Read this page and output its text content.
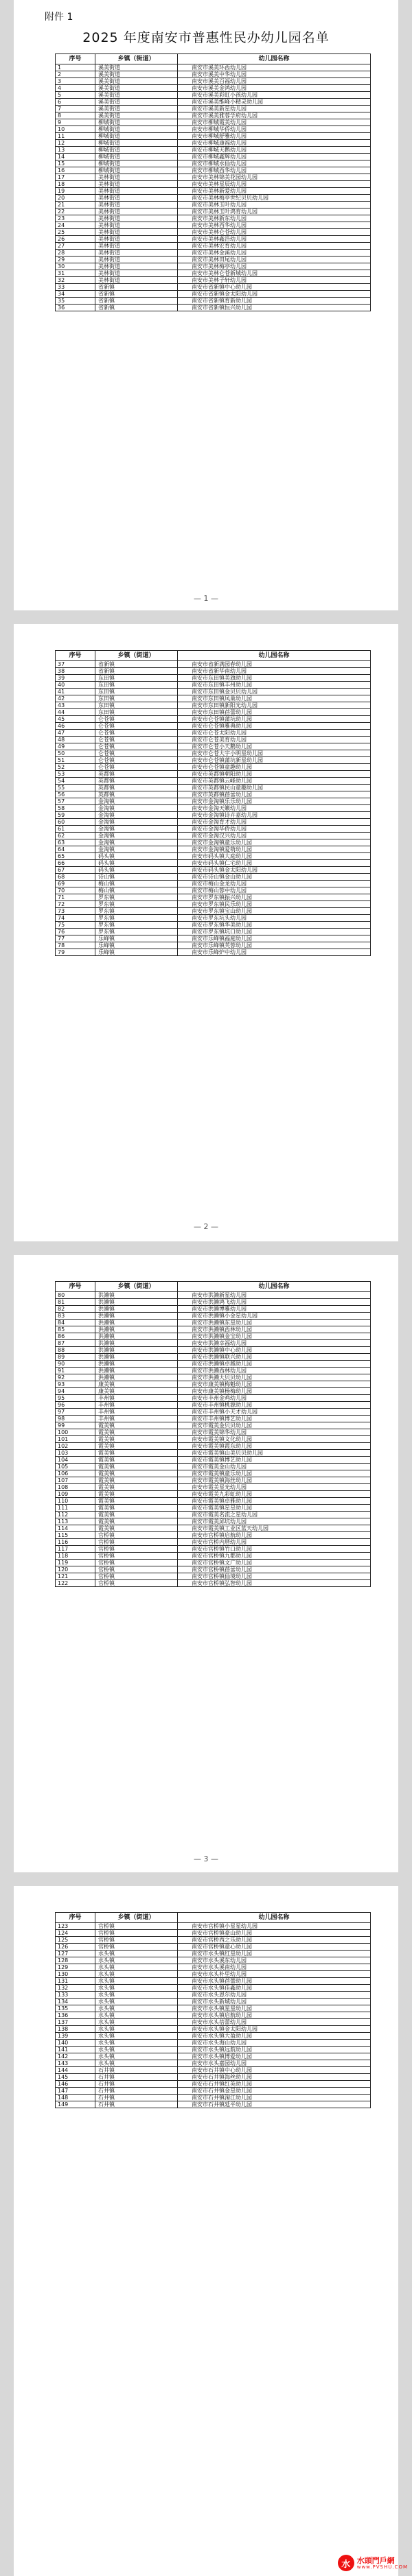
附件 1
2025 年度南安市普惠性民办幼儿园名单
序号	乡镇（街道）	幼儿园名称
1	溪美街道	南安市溪美环西幼儿园
2	溪美街道	南安市溪美中华幼儿园
3	溪美街道	南安市溪美百福幼儿园
4	溪美街道	南安市溪美金鸿幼儿园
5	溪美街道	南安市溪美彩虹小孩幼儿园
6	溪美街道	南安市溪美维峰小精灵幼儿园
7	溪美街道	南安市溪美新星幼儿园
8	溪美街道	南安市溪美雅蓉学府幼儿园
9	柳城街道	南安市柳城霞美幼儿园
10	柳城街道	南安市柳城华侨幼儿园
11	柳城街道	南安市柳城舒雅幼儿园
12	柳城街道	南安市柳城康福幼儿园
13	柳城街道	南安市柳城天鹅幼儿园
14	柳城街道	南安市柳城鑫辉幼儿园
15	柳城街道	南安市柳城水仙幼儿园
16	柳城街道	南安市柳城西华幼儿园
17	美林街道	南安市美林锦美花园幼儿园
18	美林街道	南安市美林星辰幼儿园
19	美林街道	南安市美林新爱幼儿园
20	美林街道	南安市美林梅亭世纪贝贝幼儿园
21	美林街道	南安市美林玉叶幼儿园
22	美林街道	南安市美林玉叶鸿育幼儿园
23	美林街道	南安市美林新东幼儿园
24	美林街道	南安市美林西华幼儿园
25	美林街道	南安市美林仑苍幼儿园
26	美林街道	南安市美林鑫浩幼儿园
27	美林街道	南安市美林宏育幼儿园
28	美林街道	南安市美林金溪幼儿园
29	美林街道	南安市美林田尾幼儿园
30	美林街道	南安市美林梅亭幼儿园
31	美林街道	南安市美林仑苍新城幼儿园
32	美林街道	南安市美林子轩幼儿园
33	省新镇	南安市省新镇中心幼儿园
34	省新镇	南安市省新镇金太阳幼儿园
35	省新镇	南安市省新镇育新幼儿园
36	省新镇	南安市省新镇恒兴幼儿园
— 1 —
序号	乡镇（街道）	幼儿园名称
37	省新镇	南安市省新满园春幼儿园
38	省新镇	南安市省新华南幼儿园
39	东田镇	南安市东田镇美旗幼儿园
40	东田镇	南安市东田镇丰州幼儿园
41	东田镇	南安市东田镇金贝贝幼儿园
42	东田镇	南安市东田镇凤巢幼儿园
43	东田镇	南安市东田镇新阳光幼儿园
44	东田镇	南安市东田镇蓓蕾幼儿园
45	仑苍镇	南安市仑苍镇蒲坑幼儿园
46	仑苍镇	南安市仑苍镇雅典幼儿园
47	仑苍镇	南安市仑苍太阳幼儿园
48	仑苍镇	南安市仑苍美育幼儿园
49	仑苍镇	南安市仑苍小天鹅幼儿园
50	仑苍镇	南安市仑苍大宇小明星幼儿园
51	仑苍镇	南安市仑苍镇蒲坑新星幼儿园
52	仑苍镇	南安市仑苍镇童趣幼儿园
53	英都镇	南安市英都镇朝阳幼儿园
54	英都镇	南安市英都镇云峰幼儿园
55	英都镇	南安市英都镇民山童趣幼儿园
56	英都镇	南安市英都镇蓓蕾幼儿园
57	金淘镇	南安市金淘镇乐乐幼儿园
58	金淘镇	南安市金淘天籁幼儿园
59	金淘镇	南安市金淘镇诗卉嘉幼儿园
60	金淘镇	南安市金淘育才幼儿园
61	金淘镇	南安市金淘华侨幼儿园
62	金淘镇	南安市金淘汉兴幼儿园
63	金淘镇	南安市金淘镇童乐幼儿园
64	金淘镇	南安市金淘镇爱萌幼儿园
65	码头镇	南安市码头镇大庭幼儿园
66	码头镇	南安市码头镇仁宅幼儿园
67	码头镇	南安市码头镇金太阳幼儿园
68	诗山镇	南安市诗山镇金山幼儿园
69	梅山镇	南安市梅山金龙幼儿园
70	梅山镇	南安市梅山蓉中幼儿园
71	罗东镇	南安市罗东镇振兴幼儿园
72	罗东镇	南安市罗东镇民乐幼儿园
73	罗东镇	南安市罗东镇宝山幼儿园
74	罗东镇	南安市罗东坑头幼儿园
75	罗东镇	南安市罗东镇华美幼儿园
76	罗东镇	南安市罗东镇坑口幼儿园
77	乐峰镇	南安市乐峰镇福庭幼儿园
78	乐峰镇	南安市乐峰镇芙蓉幼儿园
79	乐峰镇	南安市乐峰炉中幼儿园
— 2 —
序号	乡镇（街道）	幼儿园名称
80	洪濑镇	南安市洪濑新星幼儿园
81	洪濑镇	南安市洪濑鸿飞幼儿园
82	洪濑镇	南安市洪濑博雅幼儿园
83	洪濑镇	南安市洪濑镇小金星幼儿园
84	洪濑镇	南安市洪濑镇东星幼儿园
85	洪濑镇	南安市洪濑镇西林幼儿园
86	洪濑镇	南安市洪濑镇金宝幼儿园
87	洪濑镇	南安市洪濑幸福幼儿园
88	洪濑镇	南安市洪濑镇中心幼儿园
89	洪濑镇	南安市洪濑镇联兴幼儿园
90	洪濑镇	南安市洪濑镇卓越幼儿园
91	洪濑镇	南安市洪濑西林幼儿园
92	洪濑镇	南安市洪濑大贝贝幼儿园
93	康美镇	南安市康美镇梅魁幼儿园
94	康美镇	南安市康美镇杨梅幼儿园
95	丰州镇	南安市丰州金鸡幼儿园
96	丰州镇	南安市丰州镇桃源幼儿园
97	丰州镇	南安市丰州镇小天才幼儿园
98	丰州镇	南安市丰州镇博艺幼儿园
99	霞美镇	南安市霞美金贝贝幼儿园
100	霞美镇	南安市霞美锦华幼儿园
101	霞美镇	南安市霞美镇文化幼儿园
102	霞美镇	南安市霞美镇霞东幼儿园
103	霞美镇	南安市霞美镇山美贝贝幼儿园
104	霞美镇	南安市霞美镇博艺幼儿园
105	霞美镇	南安市霞美金山幼儿园
106	霞美镇	南安市霞美镇童乐幼儿园
107	霞美镇	南安市霞美镇海丝幼儿园
108	霞美镇	南安市霞美星光幼儿园
109	霞美镇	南安市霞美九彩虹幼儿园
110	霞美镇	南安市霞美镇卓雅幼儿园
111	霞美镇	南安市霞美镇星星幼儿园
112	霞美镇	南安市霞美名流之星幼儿园
113	霞美镇	南安市霞美邱坑幼儿园
114	霞美镇	南安市霞美镇工业区蓝天幼儿园
115	官桥镇	南安市官桥镇启航幼儿园
116	官桥镇	南安市官桥内厝幼儿园
117	官桥镇	南安市官桥镇竹口幼儿园
118	官桥镇	南安市官桥镇九都幼儿园
119	官桥镇	南安市官桥镇文广幼儿园
120	官桥镇	南安市官桥镇蓓蕾幼儿园
121	官桥镇	南安市官桥镇仙境幼儿园
122	官桥镇	南安市官桥镇弘智幼儿园
— 3 —
序号	乡镇（街道）	幼儿园名称
123	官桥镇	南安市官桥镇小星星幼儿园
124	官桥镇	南安市官桥镇豪山幼儿园
125	官桥镇	南安市官桥西之乐幼儿园
126	官桥镇	南安市官桥镇童心幼儿园
127	水头镇	南安市水头镇红星幼儿园
128	水头镇	南安市水头溪东幼儿园
129	水头镇	南安市水头溪南幼儿园
130	水头镇	南安市水头朴里幼儿园
131	水头镇	南安市水头镇蓓蕾幼儿园
132	水头镇	南安市水头镇佳鑫幼儿园
133	水头镇	南安市水头恩尔幼儿园
134	水头镇	南安市水头新城幼儿园
135	水头镇	南安市水头镇星星幼儿园
136	水头镇	南安市水头镇启航幼儿园
137	水头镇	南安市水头蓓蕾幼儿园
138	水头镇	南安市水头镇金太阳幼儿园
139	水头镇	南安市水头镇大盈幼儿园
140	水头镇	南安市水头海山幼儿园
141	水头镇	南安市水头镇远航幼儿园
142	水头镇	南安市水头镇博爱幼儿园
143	水头镇	南安市水头嘉园幼儿园
144	石井镇	南安市石井镇中心幼儿园
145	石井镇	南安市石井镇海丝幼儿园
146	石井镇	南安市石井镇红英幼儿园
147	石井镇	南安市石井镇金星幼儿园
148	石井镇	南安市石井镇淗江幼儿园
149	石井镇	南安市石井镇延平幼儿园
水 水頭門戶網
www.PVSHU.COM
